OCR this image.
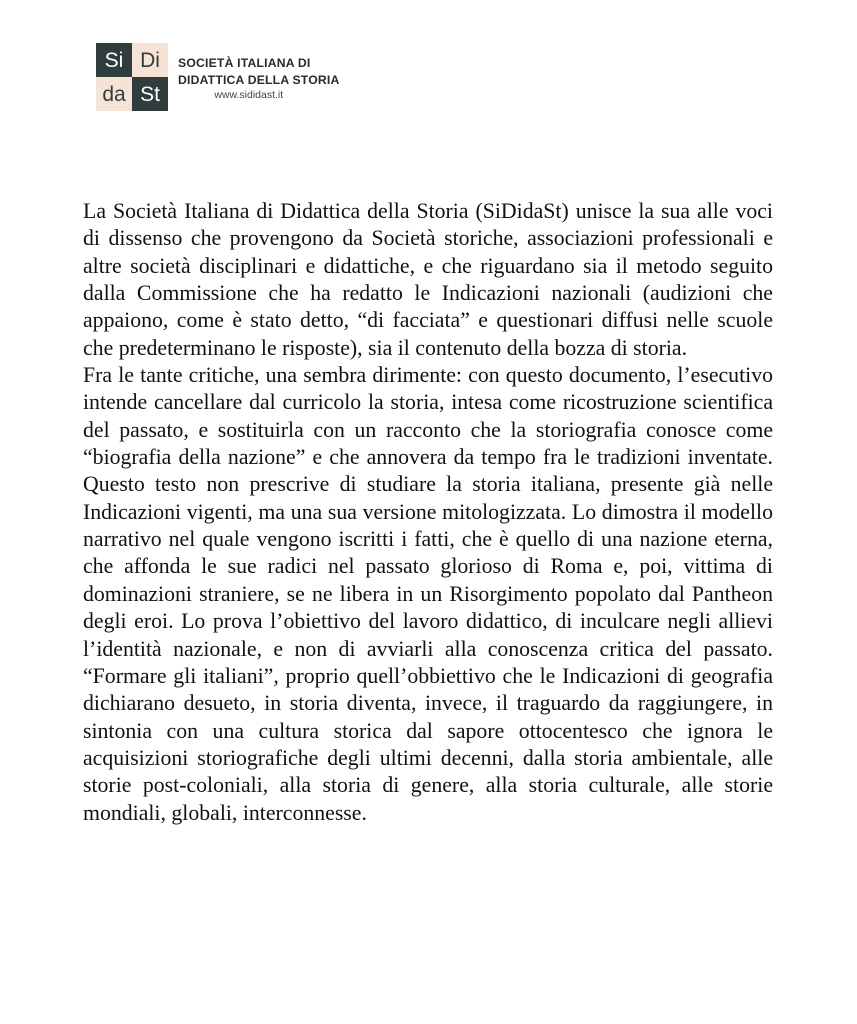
Si Di
da St
SOCIETÀ ITALIANA DI
DIDATTICA DELLA STORIA
www.sididast.it

La Società Italiana di Didattica della Storia (SiDidaSt) unisce la sua alle voci di dissenso che provengono da Società storiche, associazioni professionali e altre società disciplinari e didattiche, e che riguardano sia il metodo seguito dalla Commissione che ha redatto le Indicazioni nazionali (audizioni che appaiono, come è stato detto, “di facciata” e questionari diffusi nelle scuole che predeterminano le risposte), sia il contenuto della bozza di storia.

Fra le tante critiche, una sembra dirimente: con questo documento, l’esecutivo intende cancellare dal curricolo la storia, intesa come ricostruzione scientifica del passato, e sostituirla con un racconto che la storiografia conosce come “biografia della nazione” e che annovera da tempo fra le tradizioni inventate. Questo testo non prescrive di studiare la storia italiana, presente già nelle Indicazioni vigenti, ma una sua versione mitologizzata. Lo dimostra il modello narrativo nel quale vengono iscritti i fatti, che è quello di una nazione eterna, che affonda le sue radici nel passato glorioso di Roma e, poi, vittima di dominazioni straniere, se ne libera in un Risorgimento popolato dal Pantheon degli eroi. Lo prova l’obiettivo del lavoro didattico, di inculcare negli allievi l’identità nazionale, e non di avviarli alla conoscenza critica del passato. “Formare gli italiani”, proprio quell’obbiettivo che le Indicazioni di geografia dichiarano desueto, in storia diventa, invece, il traguardo da raggiungere, in sintonia con una cultura storica dal sapore ottocentesco che ignora le acquisizioni storiografiche degli ultimi decenni, dalla storia ambientale, alle storie post-coloniali, alla storia di genere, alla storia culturale, alle storie mondiali, globali, interconnesse.
